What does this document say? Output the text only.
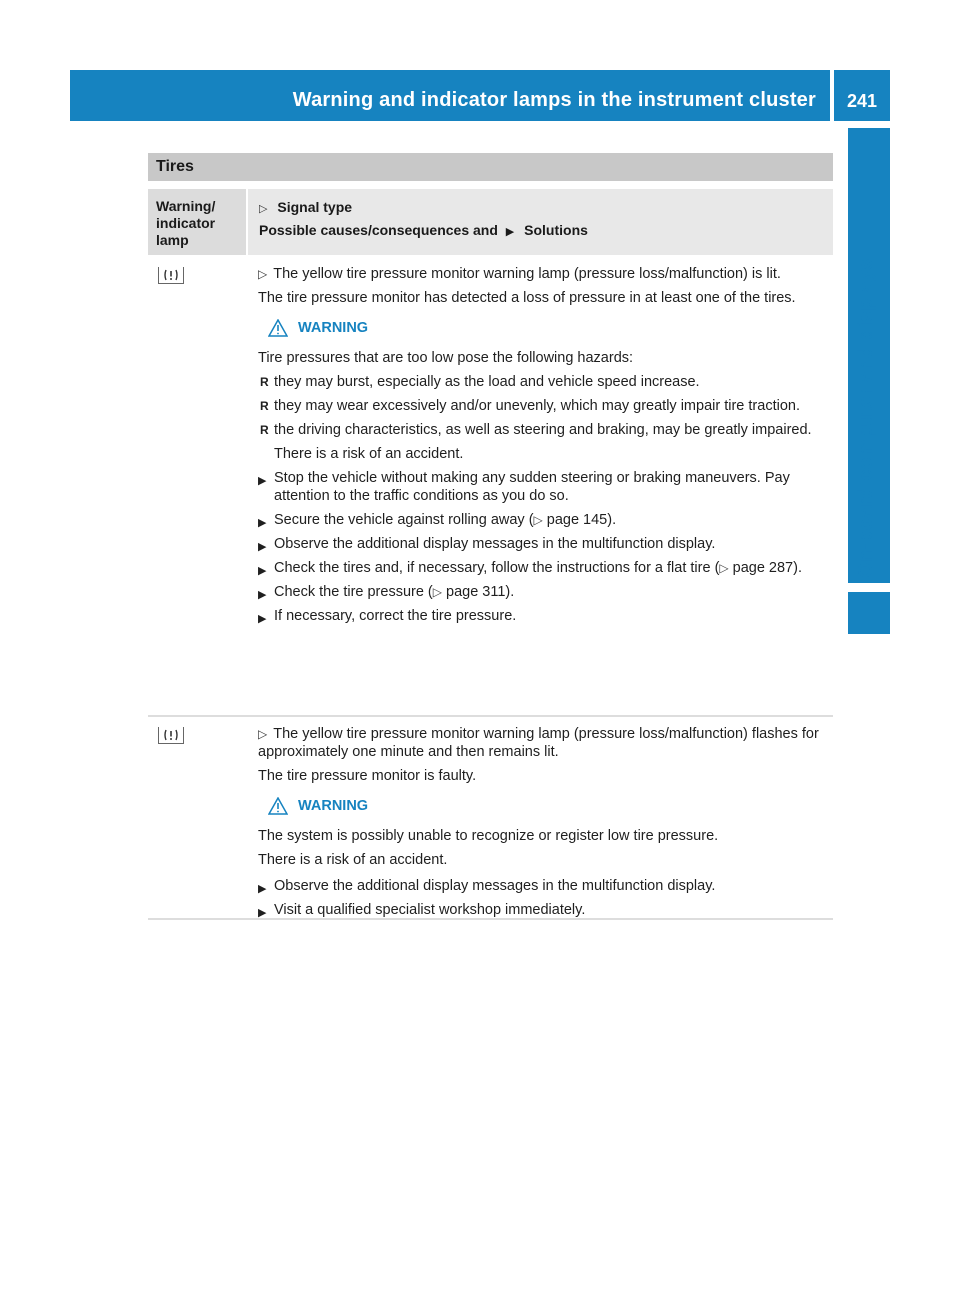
Warning and indicator lamps in the instrument cluster	241
On-board computer and displays
Tires
Warning/ indicator lamp
▷ Signal type
Possible causes/consequences and ▶ Solutions

▷ The yellow tire pressure monitor warning lamp (pressure loss/malfunction) is lit.

The tire pressure monitor has detected a loss of pressure in at least one of the tires.

WARNING

Tire pressures that are too low pose the following hazards:

R they may burst, especially as the load and vehicle speed increase.
R they may wear excessively and/or unevenly, which may greatly impair tire traction.
R the driving characteristics, as well as steering and braking, may be greatly impaired.

There is a risk of an accident.

▶ Stop the vehicle without making any sudden steering or braking maneuvers. Pay attention to the traffic conditions as you do so.
▶ Secure the vehicle against rolling away (▷ page 145).
▶ Observe the additional display messages in the multifunction display.
▶ Check the tires and, if necessary, follow the instructions for a flat tire (▷ page 287).
▶ Check the tire pressure (▷ page 311).
▶ If necessary, correct the tire pressure.

▷ The yellow tire pressure monitor warning lamp (pressure loss/malfunction) flashes for approximately one minute and then remains lit.

The tire pressure monitor is faulty.

WARNING

The system is possibly unable to recognize or register low tire pressure.

There is a risk of an accident.

▶ Observe the additional display messages in the multifunction display.
▶ Visit a qualified specialist workshop immediately.
